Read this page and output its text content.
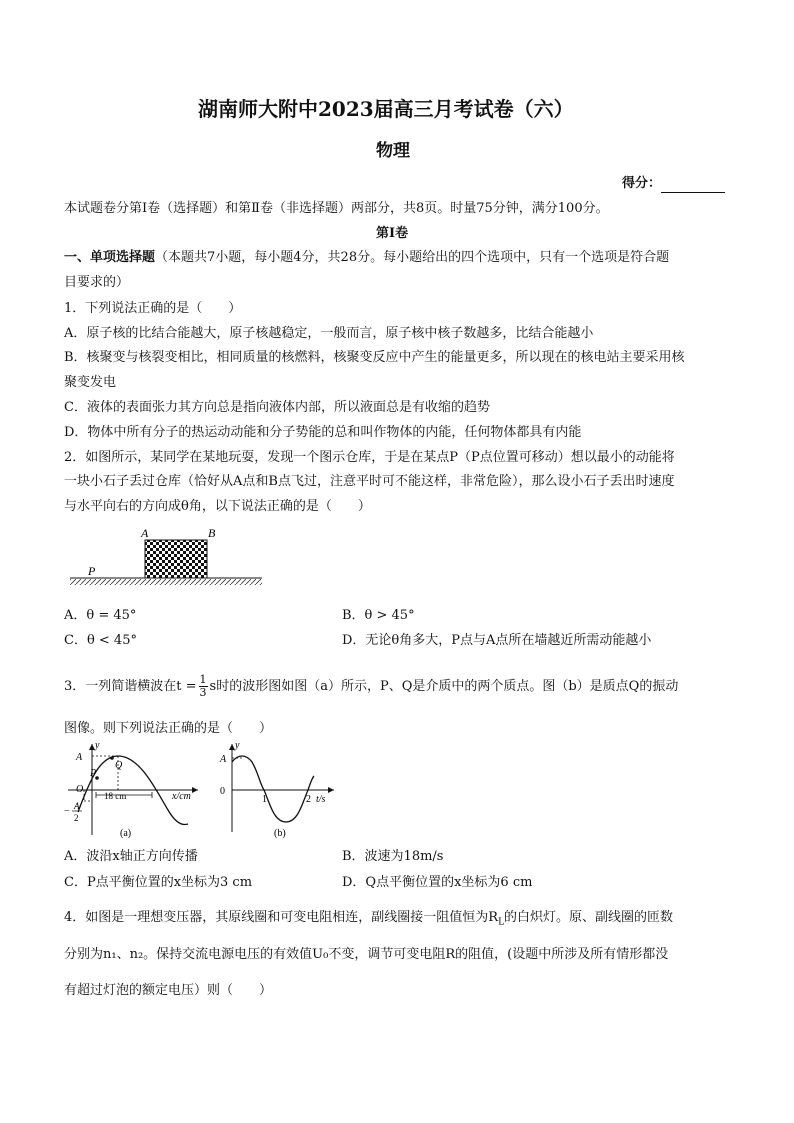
湖南师大附中2023届高三月考试卷（六）
物理
得分：
本试题卷分第Ⅰ卷（选择题）和第Ⅱ卷（非选择题）两部分，共8页。时量75分钟，满分100分。
第Ⅰ卷
一、单项选择题（本题共7小题，每小题4分，共28分。每小题给出的四个选项中，只有一个选项是符合题
目要求的）
1．下列说法正确的是（　　）
A．原子核的比结合能越大，原子核越稳定，一般而言，原子核中核子数越多，比结合能越小
B．核聚变与核裂变相比，相同质量的核燃料，核聚变反应中产生的能量更多，所以现在的核电站主要采用核
聚变发电
C．液体的表面张力其方向总是指向液体内部，所以液面总是有收缩的趋势
D．物体中所有分子的热运动动能和分子势能的总和叫作物体的内能，任何物体都具有内能
2．如图所示，某同学在某地玩耍，发现一个图示仓库，于是在某点P（P点位置可移动）想以最小的动能将
一块小石子丢过仓库（恰好从A点和B点飞过，注意平时可不能这样，非常危险），那么设小石子丢出时速度
与水平向右的方向成θ角，以下说法正确的是（　　）
A	B
P
A．θ = 45°	B．θ > 45°
C．θ < 45°	D．无论θ角多大，P点与A点所在墙越近所需动能越小
3．一列简谐横波在$t = \frac{1}{3}$ s时的波形图如图（a）所示，P、Q是介质中的两个质点。图（b）是质点Q的振动
图像。则下列说法正确的是（　　）
y
A
Q
P
O
18 cm	x/cm
− A
2
(a)
y
A
0
1	2 t/s
(b)
A．波沿x轴正方向传播	B．波速为18m/s
C．P点平衡位置的x坐标为3 cm	D．Q点平衡位置的x坐标为6 cm
4．如图是一理想变压器，其原线圈和可变电阻相连，副线圈接一阻值恒为$R_L$的白炽灯。原、副线圈的匝数
分别为n₁、n₂。保持交流电源电压的有效值U₀不变，调节可变电阻R的阻值，(设题中所涉及所有情形都没
有超过灯泡的额定电压）则（　　）
